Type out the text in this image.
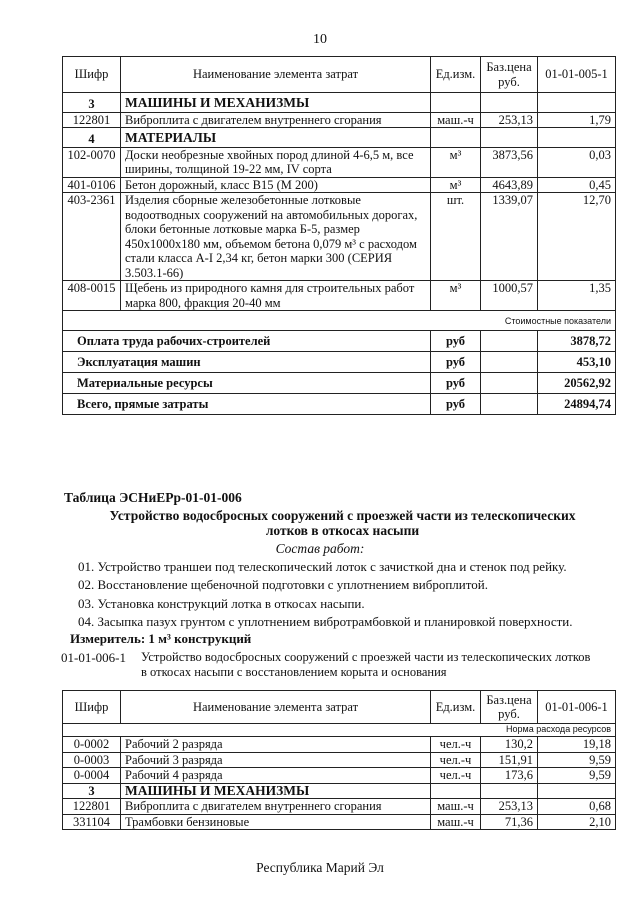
10
Шифр	Наименование элемента затрат	Ед.изм.	Баз.цена руб.	01-01-005-1
3	МАШИНЫ И МЕХАНИЗМЫ			
122801	Виброплита с двигателем внутреннего сгорания	маш.-ч	253,13	1,79
4	МАТЕРИАЛЫ			
102-0070	Доски необрезные хвойных пород длиной 4-6,5 м, все ширины, толщиной 19-22 мм, IV сорта	м³	3873,56	0,03
401-0106	Бетон дорожный, класс B15 (M 200)	м³	4643,89	0,45
403-2361	Изделия сборные железобетонные лотковые водоотводных сооружений на автомобильных дорогах, блоки бетонные лотковые марка Б-5, размер 450x1000x180 мм, объемом бетона 0,079 м³ с расходом стали класса А-I 2,34 кг, бетон марки 300 (СЕРИЯ 3.503.1-66)	шт.	1339,07	12,70
408-0015	Щебень из природного камня для строительных работ марка 800, фракция 20-40 мм	м³	1000,57	1,35
Стоимостные показатели				
Оплата труда рабочих-строителей		руб		3878,72
Эксплуатация машин		руб		453,10
Материальные ресурсы		руб		20562,92
Всего, прямые затраты		руб		24894,74

Таблица ЭСНиЕРр-01-01-006

Устройство водосбросных сооружений с проезжей части из телескопических лотков в откосах насыпи
Состав работ:

01. Устройство траншеи под телескопический лоток с зачисткой дна и стенок под рейку.

02. Восстановление щебеночной подготовки с уплотнением виброплитой.

03. Установка конструкций лотка в откосах насыпи.

04. Засыпка пазух грунтом с уплотнением вибротрамбовкой и планировкой поверхности.

Измеритель: 1 м³ конструкций

01-01-006-1 Устройство водосбросных сооружений с проезжей части из телескопических лотков

в откосах насыпи с восстановлением корыта и основания

Шифр	Наименование элемента затрат	Ед.изм.	Баз.цена руб.	01-01-006-1
Норма расхода ресурсов				
0-0002	Рабочий 2 разряда	чел.-ч	130,2	19,18
0-0003	Рабочий 3 разряда	чел.-ч	151,91	9,59
0-0004	Рабочий 4 разряда	чел.-ч	173,6	9,59
3	МАШИНЫ И МЕХАНИЗМЫ			
122801	Виброплита с двигателем внутреннего сгорания	маш.-ч	253,13	0,68
331104	Трамбовки бензиновые	маш.-ч	71,36	2,10
Республика Марий Эл
